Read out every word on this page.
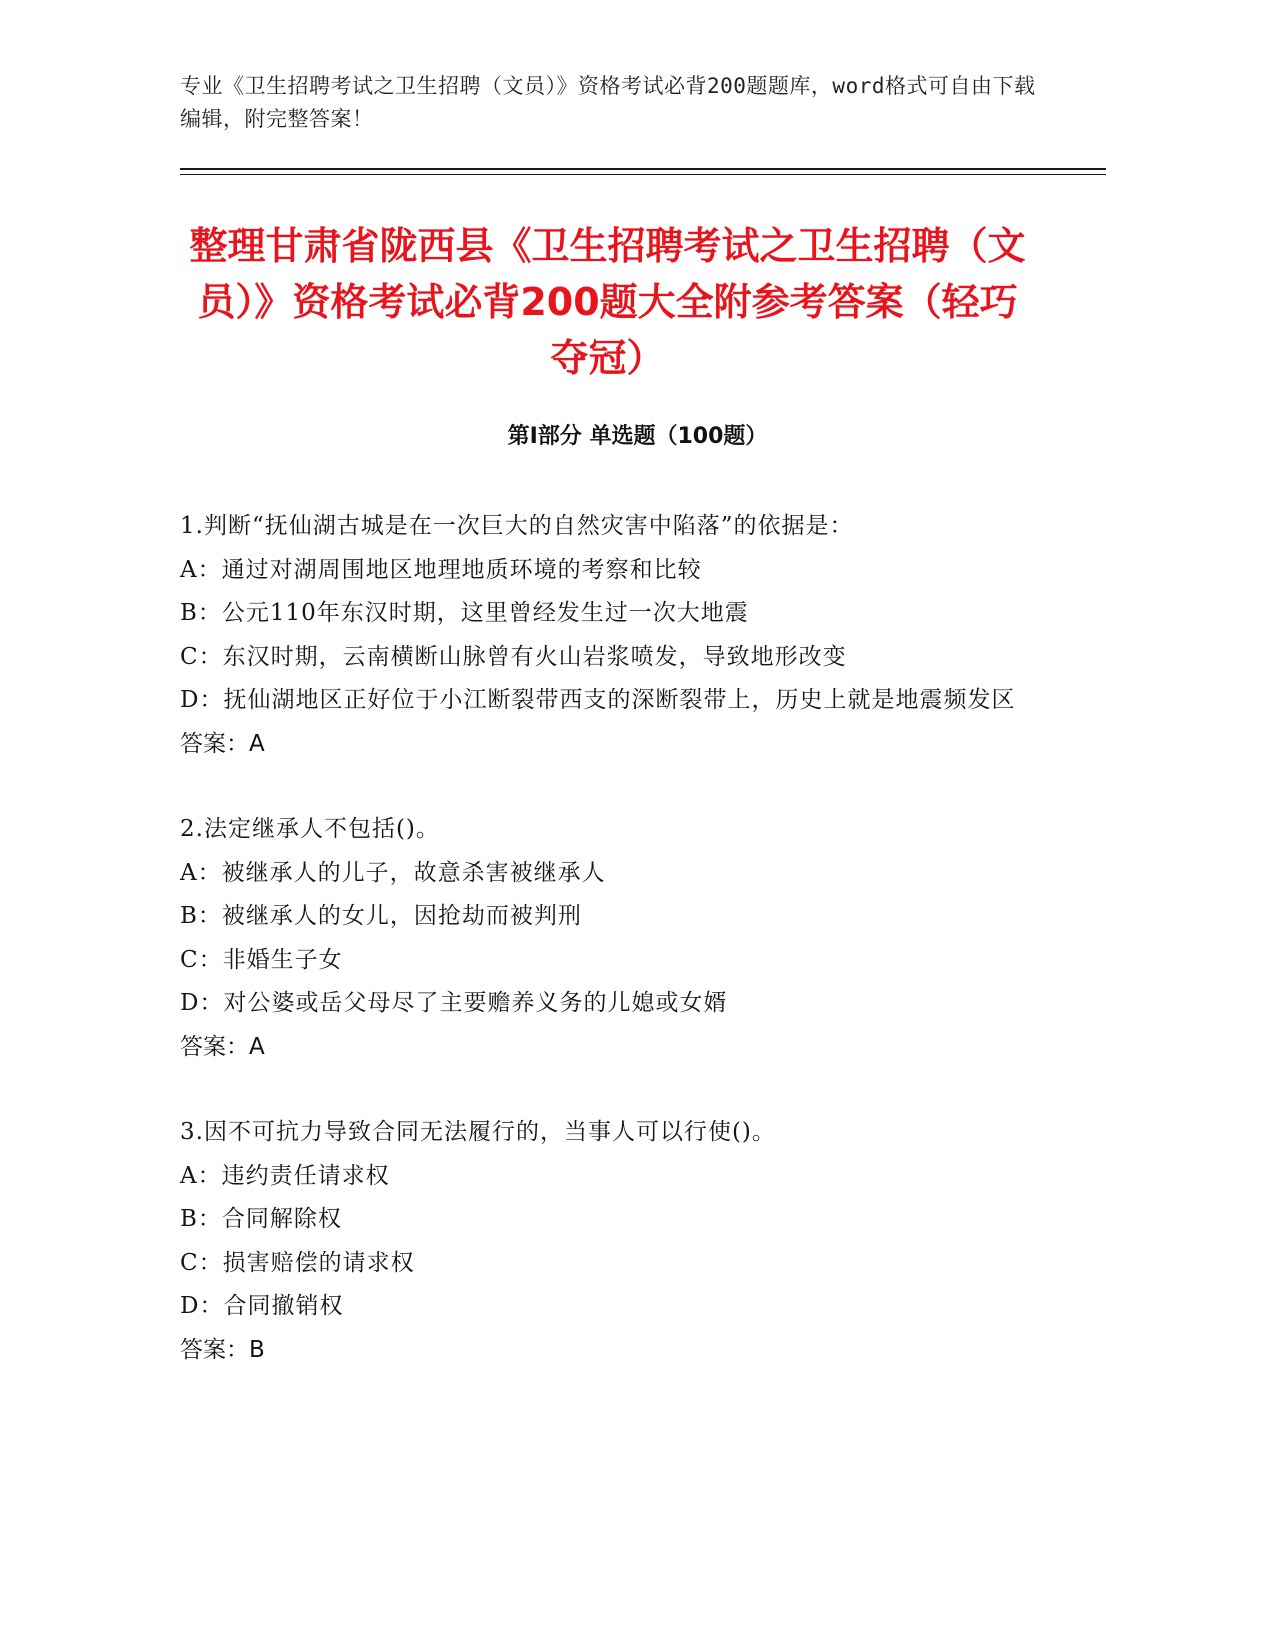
专业《卫生招聘考试之卫生招聘（文员）》资格考试必背200题题库，word格式可自由下载编辑，附完整答案！
整理甘肃省陇西县《卫生招聘考试之卫生招聘（文员）》资格考试必背200题大全附参考答案（轻巧夺冠）
第Ⅰ部分 单选题（100题）
1.判断“抚仙湖古城是在一次巨大的自然灾害中陷落”的依据是：
A：通过对湖周围地区地理地质环境的考察和比较
B：公元110年东汉时期，这里曾经发生过一次大地震
C：东汉时期，云南横断山脉曾有火山岩浆喷发，导致地形改变
D：抚仙湖地区正好位于小江断裂带西支的深断裂带上，历史上就是地震频发区
答案：A
2.法定继承人不包括()。
A：被继承人的儿子，故意杀害被继承人
B：被继承人的女儿，因抢劫而被判刑
C：非婚生子女
D：对公婆或岳父母尽了主要赡养义务的儿媳或女婿
答案：A
3.因不可抗力导致合同无法履行的，当事人可以行使()。
A：违约责任请求权
B：合同解除权
C：损害赔偿的请求权
D：合同撤销权
答案：B
